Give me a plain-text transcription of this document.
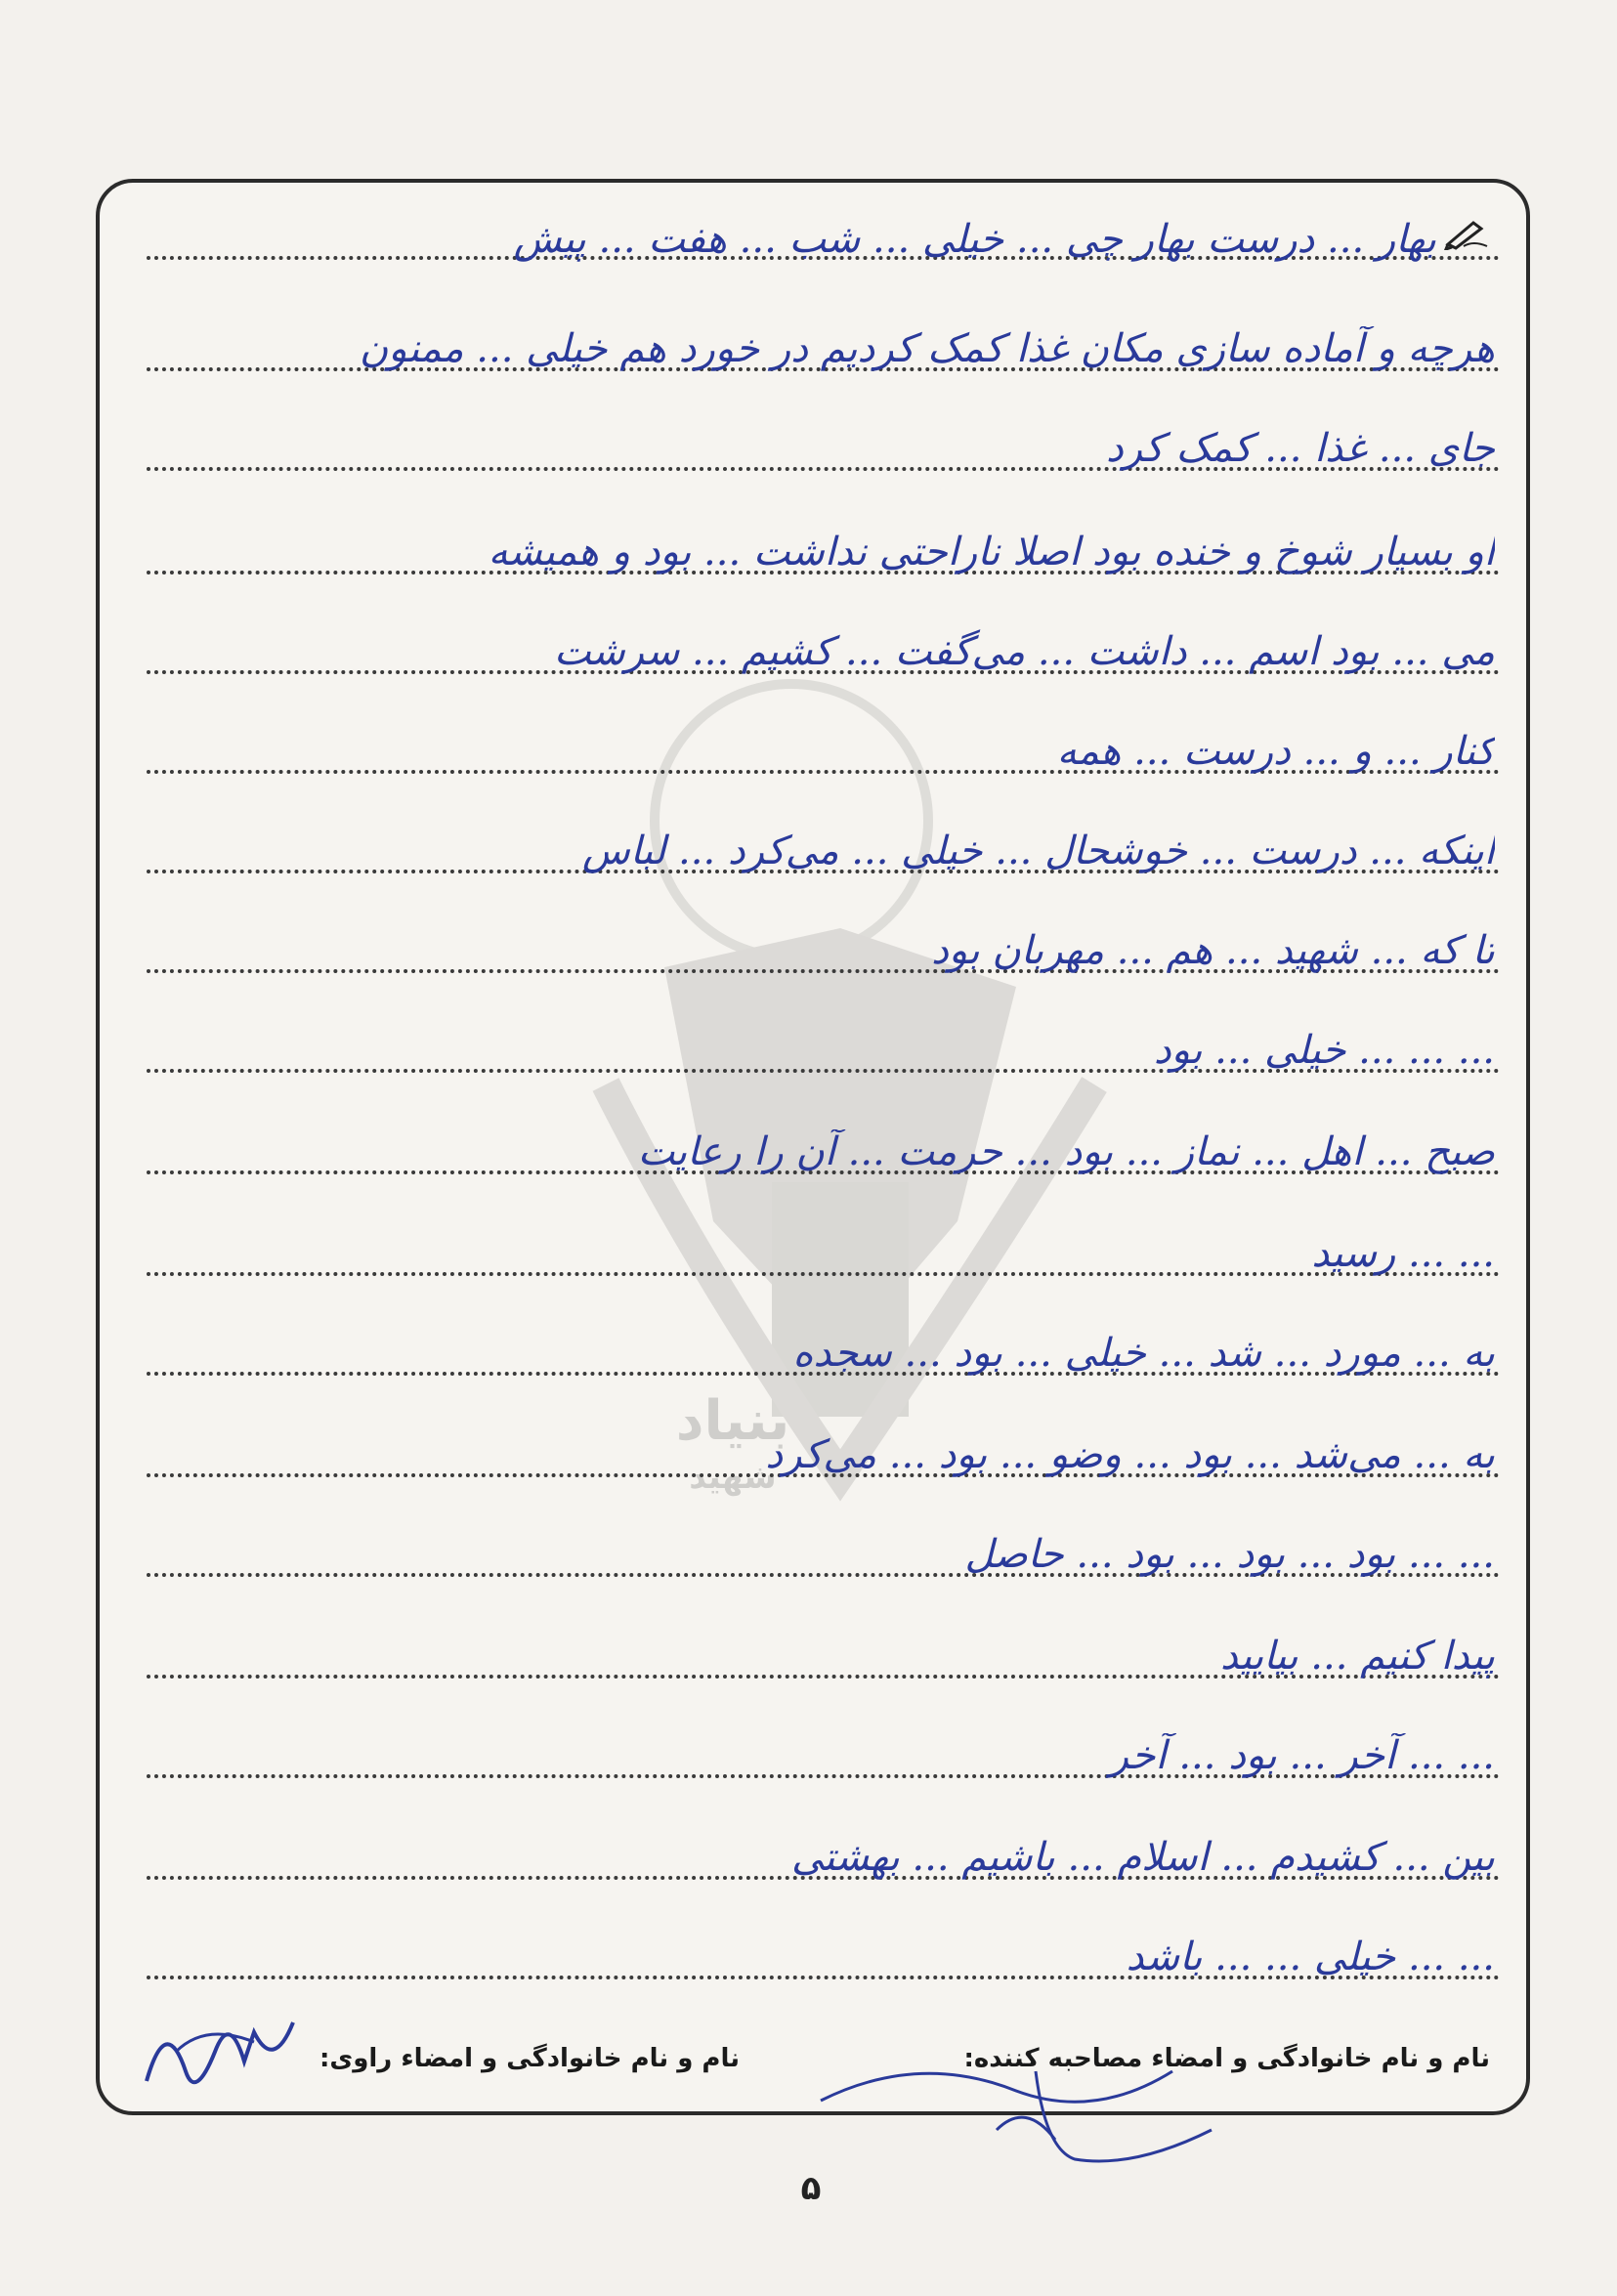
بنیاد
شهید
بهار ... درست بهار چی ... خیلی ... شب ... هفت ... پیش
هرچه و آماده سازی مکان غذا کمک کردیم در خورد هم خیلی ... ممنون
جای ... غذا ... کمک کرد
او بسیار شوخ و خنده بود اصلا ناراحتی نداشت ... بود و همیشه
می ... بود اسم ... داشت ... می‌گفت ... کشیم ... سرشت
کنار ... و ... درست ... همه
اینکه ... درست ... خوشحال ... خیلی ... می‌کرد ... لباس
تا که ... شهید ... هم ... مهربان بود
... ... ... خیلی ... بود
صبح ... اهل ... نماز ... بود ... حرمت ... آن را رعایت
... ... رسید
به ... مورد ... شد ... خیلی ... بود ... سجده
به ... می‌شد ... بود ... وضو ... بود ... می‌کرد
... ... بود ... بود ... بود ... حاصل
پیدا کنیم ... بیایید
... ... آخر ... بود ... آخر
بین ... کشیدم ... اسلام ... باشیم ... بهشتی
... ... خیلی ... ... باشد
نام و نام خانوادگی و امضاء مصاحبه کننده:
نام و نام خانوادگی و امضاء راوی:
۵
